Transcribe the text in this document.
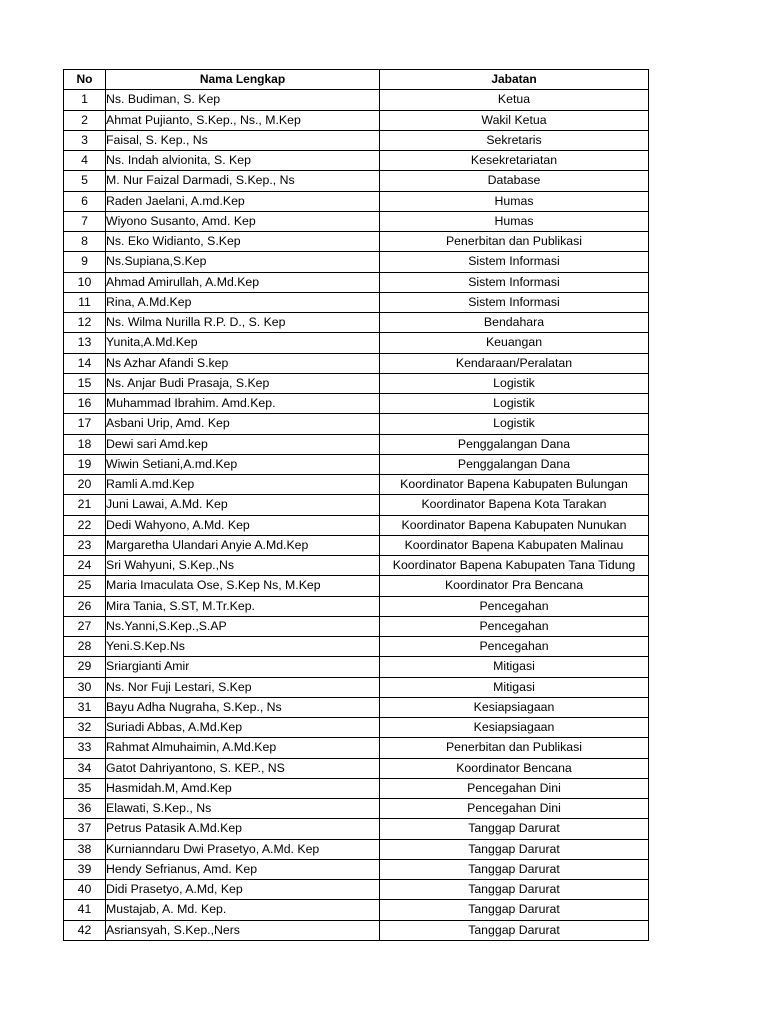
No	Nama Lengkap	Jabatan
1	Ns. Budiman, S. Kep	Ketua
2	Ahmat Pujianto, S.Kep., Ns., M.Kep	Wakil Ketua
3	Faisal, S. Kep., Ns	Sekretaris
4	Ns. Indah alvionita, S. Kep	Kesekretariatan
5	M. Nur Faizal Darmadi, S.Kep., Ns	Database
6	Raden Jaelani, A.md.Kep	Humas
7	Wiyono Susanto, Amd. Kep	Humas
8	Ns. Eko Widianto, S.Kep	Penerbitan dan Publikasi
9	Ns.Supiana,S.Kep	Sistem Informasi
10	Ahmad Amirullah, A.Md.Kep	Sistem Informasi
11	Rina, A.Md.Kep	Sistem Informasi
12	Ns. Wilma Nurilla R.P. D., S. Kep	Bendahara
13	Yunita,A.Md.Kep	Keuangan
14	Ns Azhar Afandi S.kep	Kendaraan/Peralatan
15	Ns. Anjar Budi Prasaja, S.Kep	Logistik
16	Muhammad Ibrahim. Amd.Kep.	Logistik
17	Asbani Urip, Amd. Kep	Logistik
18	Dewi sari Amd.kep	Penggalangan Dana
19	Wiwin Setiani,A.md.Kep	Penggalangan Dana
20	Ramli A.md.Kep	Koordinator Bapena Kabupaten Bulungan
21	Juni Lawai, A.Md. Kep	Koordinator Bapena Kota Tarakan
22	Dedi Wahyono, A.Md. Kep	Koordinator Bapena Kabupaten Nunukan
23	Margaretha Ulandari Anyie A.Md.Kep	Koordinator Bapena Kabupaten Malinau
24	Sri Wahyuni, S.Kep.,Ns	Koordinator Bapena Kabupaten Tana Tidung
25	Maria Imaculata Ose, S.Kep Ns, M.Kep	Koordinator Pra Bencana
26	Mira Tania, S.ST, M.Tr.Kep.	Pencegahan
27	Ns.Yanni,S.Kep.,S.AP	Pencegahan
28	Yeni.S.Kep.Ns	Pencegahan
29	Sriargianti Amir	Mitigasi
30	Ns. Nor Fuji Lestari, S.Kep	Mitigasi
31	Bayu Adha Nugraha, S.Kep., Ns	Kesiapsiagaan
32	Suriadi Abbas, A.Md.Kep	Kesiapsiagaan
33	Rahmat Almuhaimin, A.Md.Kep	Penerbitan dan Publikasi
34	Gatot Dahriyantono, S. KEP., NS	Koordinator Bencana
35	Hasmidah.M, Amd.Kep	Pencegahan Dini
36	Elawati, S.Kep., Ns	Pencegahan Dini
37	Petrus Patasik A.Md.Kep	Tanggap Darurat
38	Kurnianndaru Dwi Prasetyo, A.Md. Kep	Tanggap Darurat
39	Hendy Sefrianus, Amd. Kep	Tanggap Darurat
40	Didi Prasetyo, A.Md, Kep	Tanggap Darurat
41	Mustajab, A. Md. Kep.	Tanggap Darurat
42	Asriansyah, S.Kep.,Ners	Tanggap Darurat
